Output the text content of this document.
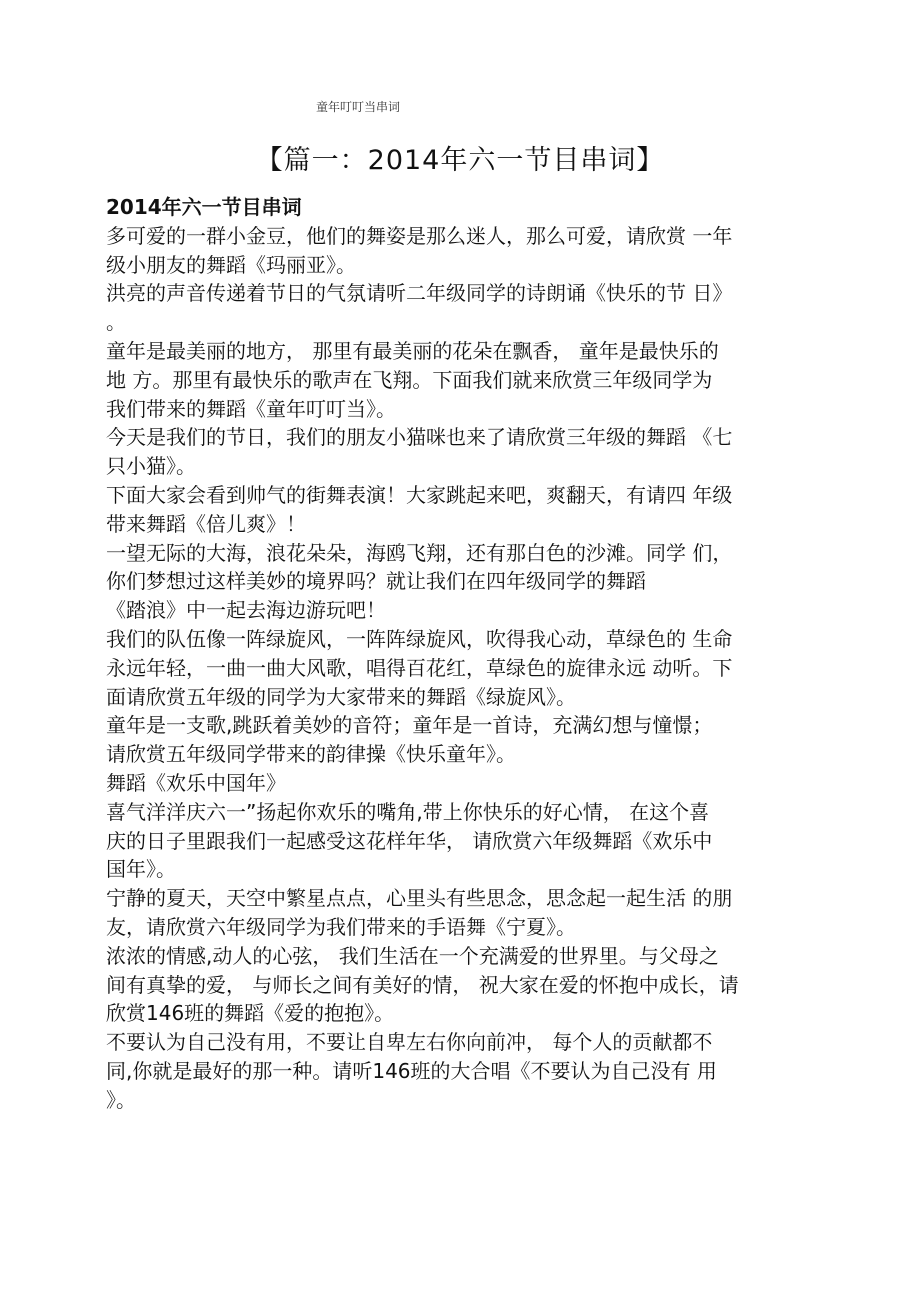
童年叮叮当串词
【篇一：2014年六一节目串词】
2014年六一节目串词
多可爱的一群小金豆，他们的舞姿是那么迷人，那么可爱，请欣赏 一年
级小朋友的舞蹈《玛丽亚》。
洪亮的声音传递着节日的气氛请听二年级同学的诗朗诵《快乐的节 日》
。
童年是最美丽的地方， 那里有最美丽的花朵在飘香， 童年是最快乐的
地 方。那里有最快乐的歌声在飞翔。下面我们就来欣赏三年级同学为
我们带来的舞蹈《童年叮叮当》。
今天是我们的节日，我们的朋友小猫咪也来了请欣赏三年级的舞蹈 《七
只小猫》。
下面大家会看到帅气的街舞表演！大家跳起来吧，爽翻天，有请四 年级
带来舞蹈《倍儿爽》！
一望无际的大海，浪花朵朵，海鸥飞翔，还有那白色的沙滩。同学 们，
你们梦想过这样美妙的境界吗？就让我们在四年级同学的舞蹈
《踏浪》中一起去海边游玩吧！
我们的队伍像一阵绿旋风，一阵阵绿旋风，吹得我心动，草绿色的 生命
永远年轻，一曲一曲大风歌，唱得百花红，草绿色的旋律永远 动听。下
面请欣赏五年级的同学为大家带来的舞蹈《绿旋风》。
童年是一支歌,跳跃着美妙的音符；童年是一首诗，充满幻想与憧憬；
请欣赏五年级同学带来的韵律操《快乐童年》。
舞蹈《欢乐中国年》
喜气洋洋庆六一”扬起你欢乐的嘴角,带上你快乐的好心情， 在这个喜
庆的日子里跟我们一起感受这花样年华， 请欣赏六年级舞蹈《欢乐中
国年》。
宁静的夏天，天空中繁星点点，心里头有些思念，思念起一起生活 的朋
友，请欣赏六年级同学为我们带来的手语舞《宁夏》。
浓浓的情感,动人的心弦， 我们生活在一个充满爱的世界里。与父母之
间有真挚的爱， 与师长之间有美好的情， 祝大家在爱的怀抱中成长，请
欣赏146班的舞蹈《爱的抱抱》。
不要认为自己没有用，不要让自卑左右你向前冲， 每个人的贡献都不
同,你就是最好的那一种。请听146班的大合唱《不要认为自己没有 用
》。
